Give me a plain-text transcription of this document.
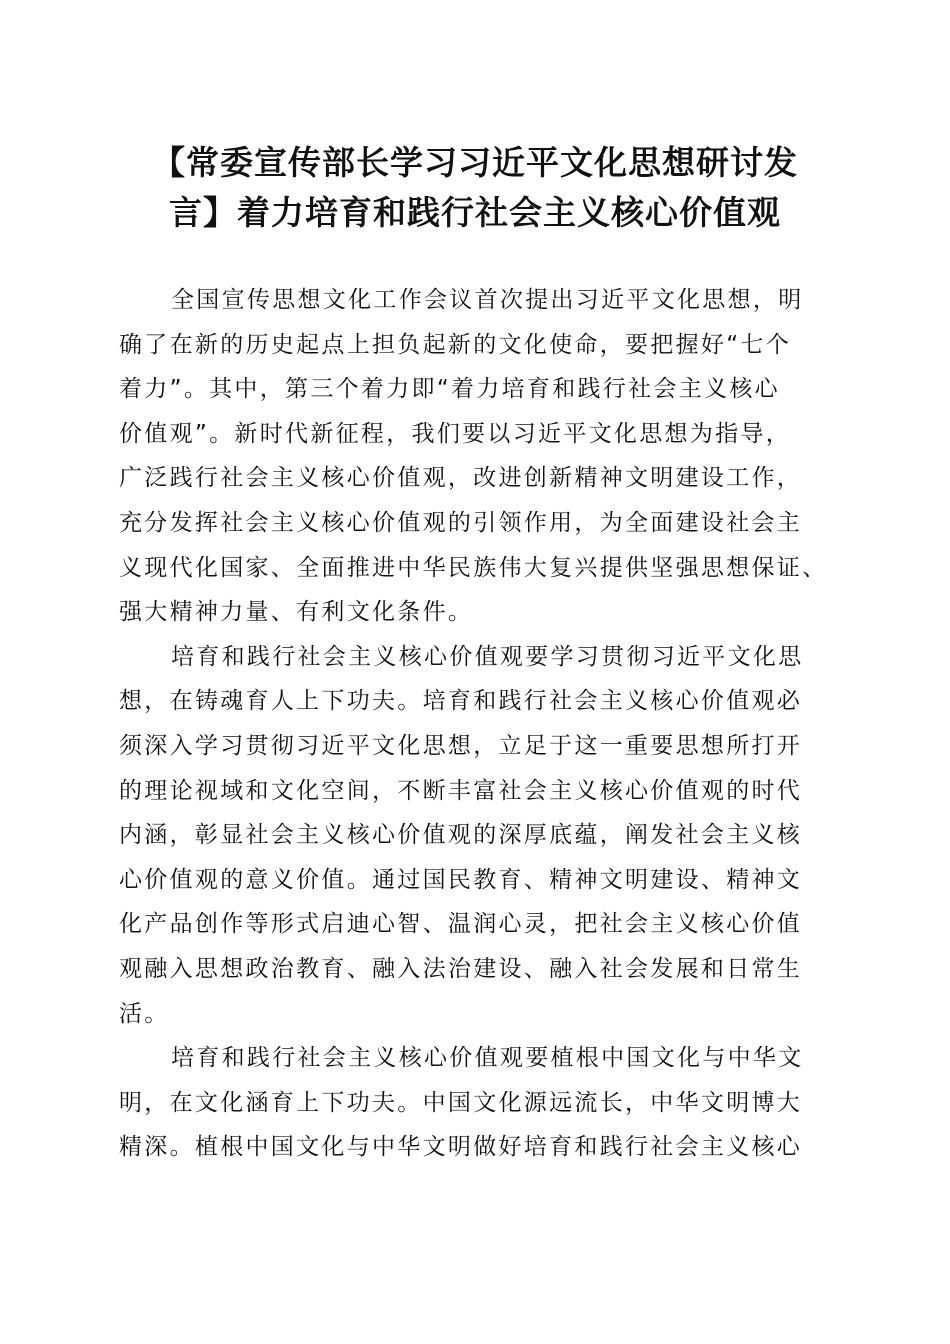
【常委宣传部长学习习近平文化思想研讨发
言】着力培育和践行社会主义核心价值观

全国宣传思想文化工作会议首次提出习近平文化思想，明
确了在新的历史起点上担负起新的文化使命，要把握好“七个
着力”。其中，第三个着力即“着力培育和践行社会主义核心
价值观”。新时代新征程，我们要以习近平文化思想为指导，
广泛践行社会主义核心价值观，改进创新精神文明建设工作，
充分发挥社会主义核心价值观的引领作用，为全面建设社会主
义现代化国家、全面推进中华民族伟大复兴提供坚强思想保证、
强大精神力量、有利文化条件。

培育和践行社会主义核心价值观要学习贯彻习近平文化思
想，在铸魂育人上下功夫。培育和践行社会主义核心价值观必
须深入学习贯彻习近平文化思想，立足于这一重要思想所打开
的理论视域和文化空间，不断丰富社会主义核心价值观的时代
内涵，彰显社会主义核心价值观的深厚底蕴，阐发社会主义核
心价值观的意义价值。通过国民教育、精神文明建设、精神文
化产品创作等形式启迪心智、温润心灵，把社会主义核心价值
观融入思想政治教育、融入法治建设、融入社会发展和日常生
活。

培育和践行社会主义核心价值观要植根中国文化与中华文
明，在文化涵育上下功夫。中国文化源远流长，中华文明博大
精深。植根中国文化与中华文明做好培育和践行社会主义核心
